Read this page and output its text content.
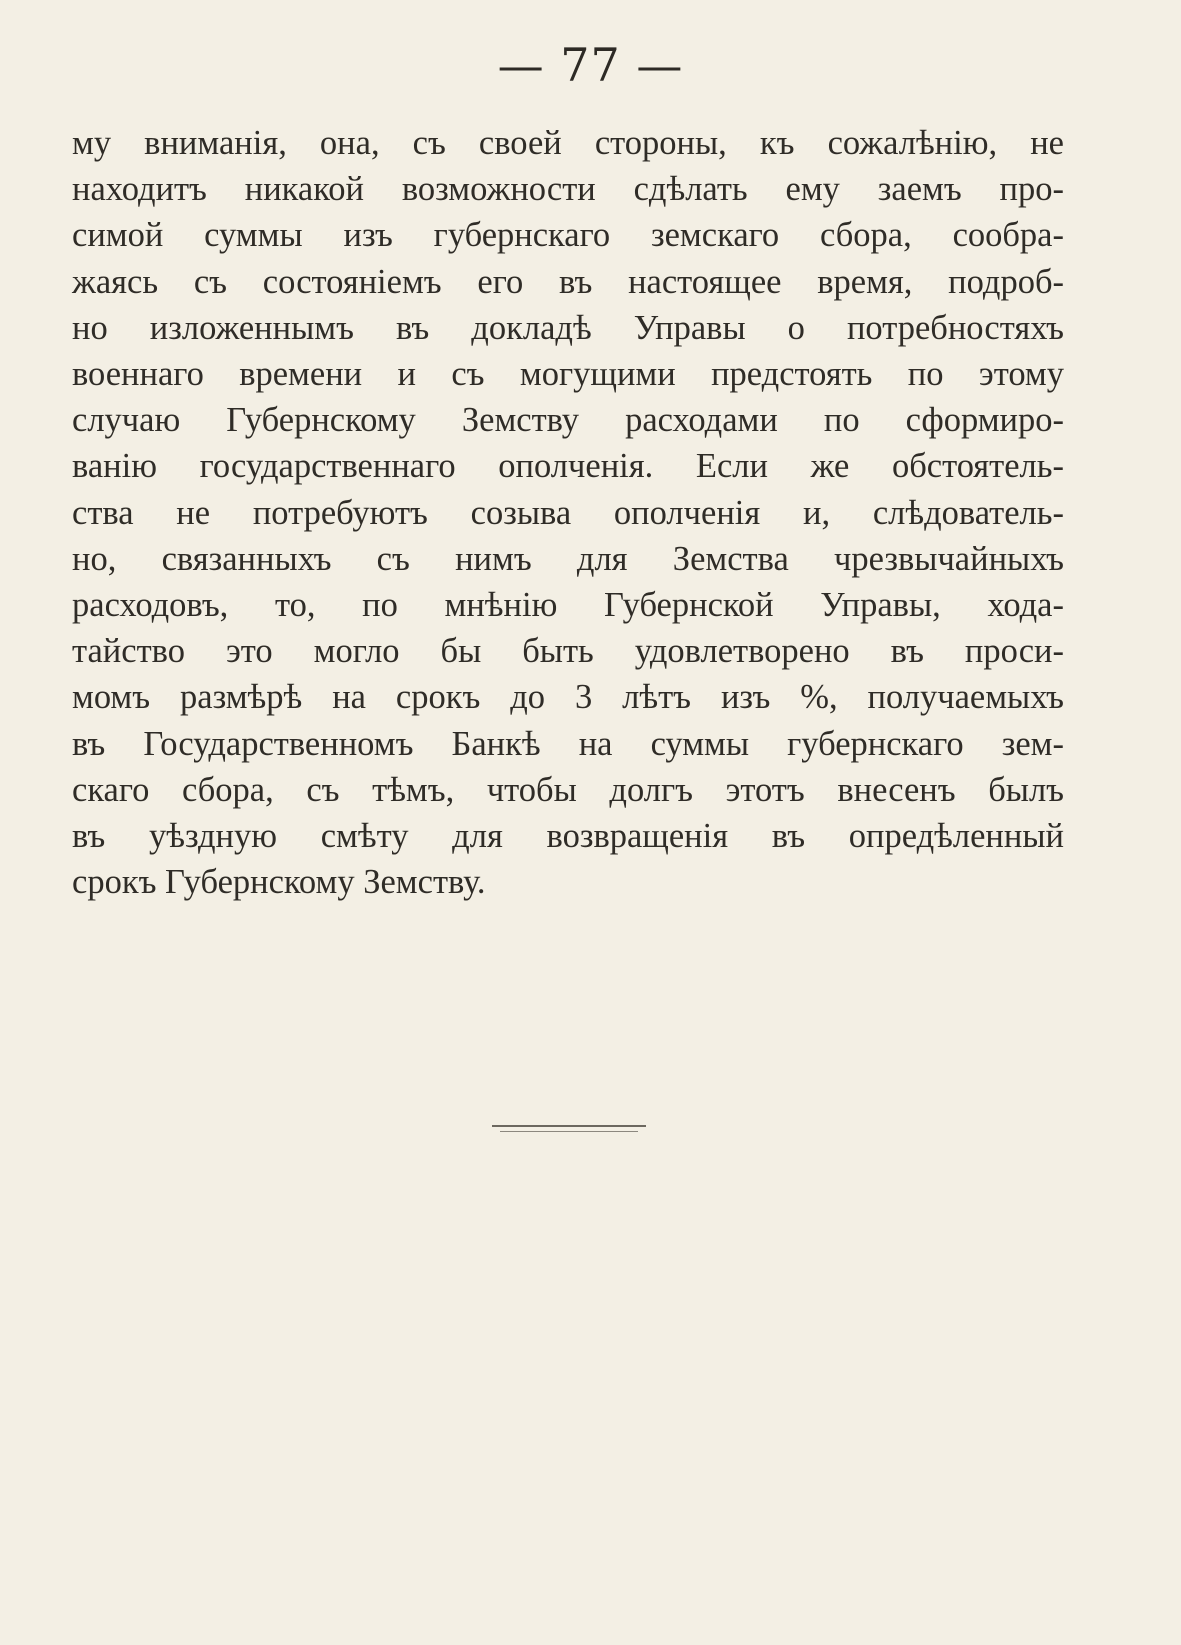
— 77 —
му вниманія, она, съ своей стороны, къ сожалѣнію, не
находитъ никакой возможности сдѣлать ему заемъ про-
симой суммы изъ губернскаго земскаго сбора, сообра-
жаясь съ состояніемъ его въ настоящее время, подроб-
но изложеннымъ въ докладѣ Управы о потребностяхъ
военнаго времени и съ могущими предстоять по этому
случаю Губернскому Земству расходами по сформиро-
ванію государственнаго ополченія. Если же обстоятель-
ства не потребуютъ созыва ополченія и, слѣдователь-
но, связанныхъ съ нимъ для Земства чрезвычайныхъ
расходовъ, то, по мнѣнію Губернской Управы, хода-
тайство это могло бы быть удовлетворено въ проси-
момъ размѣрѣ на срокъ до 3 лѣтъ изъ %, получаемыхъ
въ Государственномъ Банкѣ на суммы губернскаго зем-
скаго сбора, съ тѣмъ, чтобы долгъ этотъ внесенъ былъ
въ уѣздную смѣту для возвращенія въ опредѣленный
срокъ Губернскому Земству.
